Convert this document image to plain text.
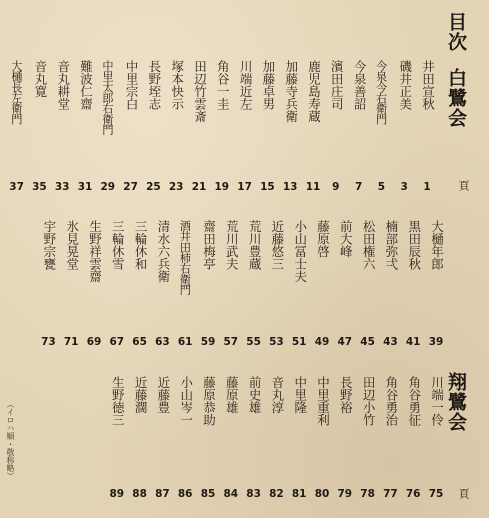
目次
白鷺会
翔鷺会
頁
頁
（イロハ順・敬称略）
井田宣秋
1
磯井正美
3
今泉今右衛門
5
今泉善詔
7
濱田庄司
9
鹿児島寿蔵
11
加藤寺兵衛
13
加藤卓男
15
川端近左
17
角谷一圭
19
田辺竹雲斎
21
塚本快示
23
長野垤志
25
中里宗白
27
中里太郎右衛門
29
難波仁齋
31
音丸耕堂
33
音丸寛
35
大樋長左衛門
37
大樋年郎
39
黒田辰秋
41
楠部弥弌
43
松田権六
45
前大峰
47
藤原啓
49
小山冨士夫
51
近藤悠三
53
荒川豊蔵
55
荒川武夫
57
齋田梅亭
59
酒井田柿右衛門
61
清水六兵衛
63
三輪休和
65
三輪休雪
67
生野祥雲齋
69
氷見晃堂
71
宇野宗甕
73
川端一伶
75
角谷勇征
76
角谷勇治
77
田辺小竹
78
長野裕
79
中里重利
80
中里隆
81
音丸淳
82
前史雄
83
藤原雄
84
藤原恭助
85
小山岑一
86
近藤豊
87
近藤濶
88
生野徳三
89
